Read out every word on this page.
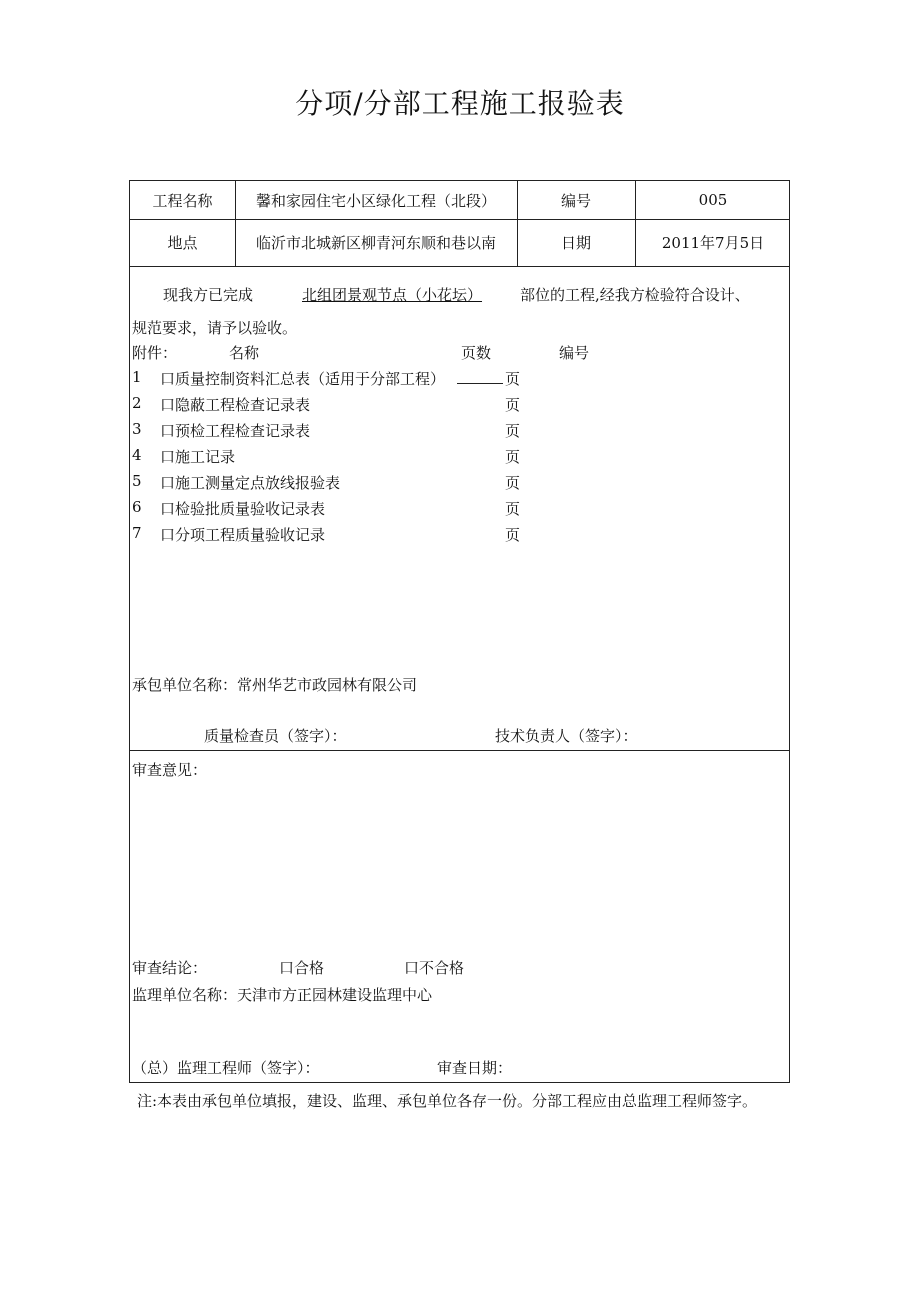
分项/分部工程施工报验表
工程名称	馨和家园住宅小区绿化工程（北段）	编号	005
地点	临沂市北城新区柳青河东顺和巷以南	日期	2011年7月5日
现我方已完成	北组团景观节点（小花坛）	部位的工程,经我方检验符合设计、
规范要求，请予以验收。
附件：	名称	页数	编号
1 口质量控制资料汇总表（适用于分部工程）	页
2 口隐蔽工程检查记录表	页
3 口预检工程检查记录表	页
4 口施工记录	页
5 口施工测量定点放线报验表	页
6 口检验批质量验收记录表	页
7 口分项工程质量验收记录	页
承包单位名称： 常州华艺市政园林有限公司
质量检查员（签字）：	技术负责人（签字）：
审查意见：
审查结论：	口合格	口不合格
监理单位名称： 天津市方正园林建设监理中心
（总）监理工程师（签字）：	审查日期：
注:本表由承包单位填报，建设、监理、承包单位各存一份。分部工程应由总监理工程师签字。
